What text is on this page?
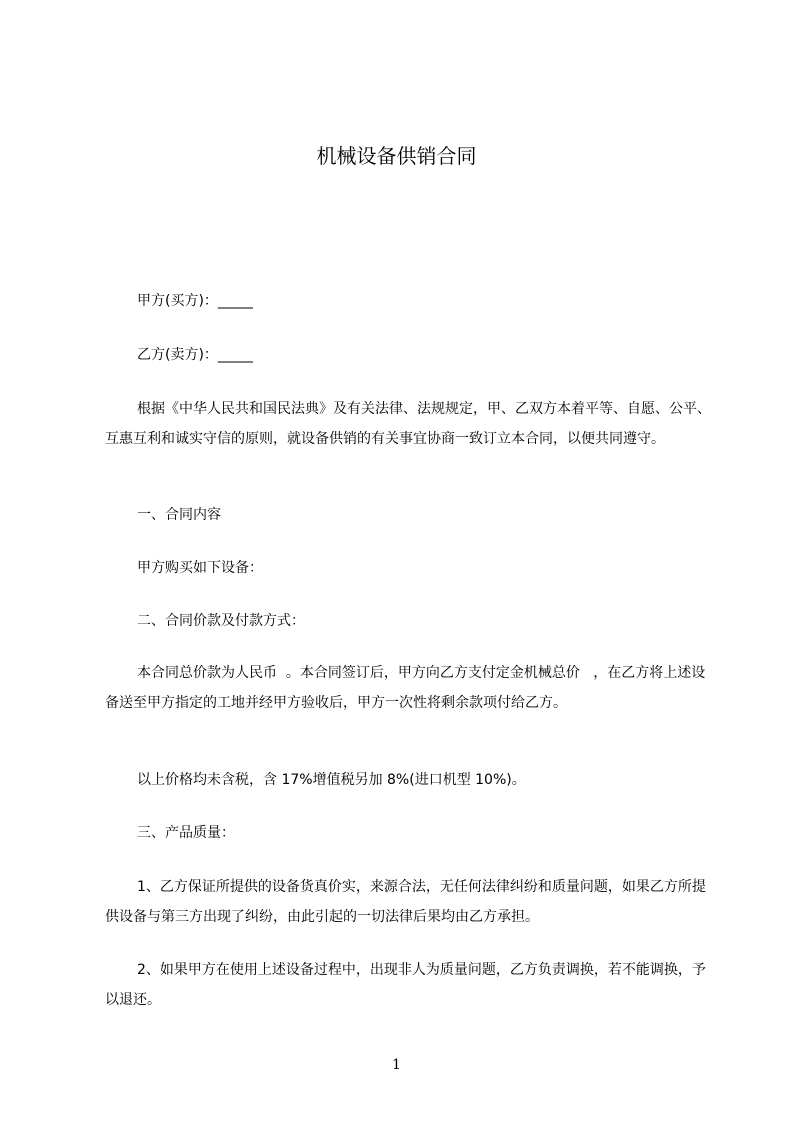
机械设备供销合同
甲方(买方)：_____
乙方(卖方)：_____
根据《中华人民共和国民法典》及有关法律、法规规定，甲、乙双方本着平等、自愿、公平、互惠互利和诚实守信的原则，就设备供销的有关事宜协商一致订立本合同，以便共同遵守。
一、合同内容
甲方购买如下设备：
二、合同价款及付款方式：
本合同总价款为人民币  。本合同签订后，甲方向乙方支付定金机械总价   ，在乙方将上述设备送至甲方指定的工地并经甲方验收后，甲方一次性将剩余款项付给乙方。
以上价格均未含税，含 17%增值税另加 8%(进口机型 10%)。
三、产品质量：
1、乙方保证所提供的设备货真价实，来源合法，无任何法律纠纷和质量问题，如果乙方所提供设备与第三方出现了纠纷，由此引起的一切法律后果均由乙方承担。
2、如果甲方在使用上述设备过程中，出现非人为质量问题，乙方负责调换，若不能调换，予以退还。
1
